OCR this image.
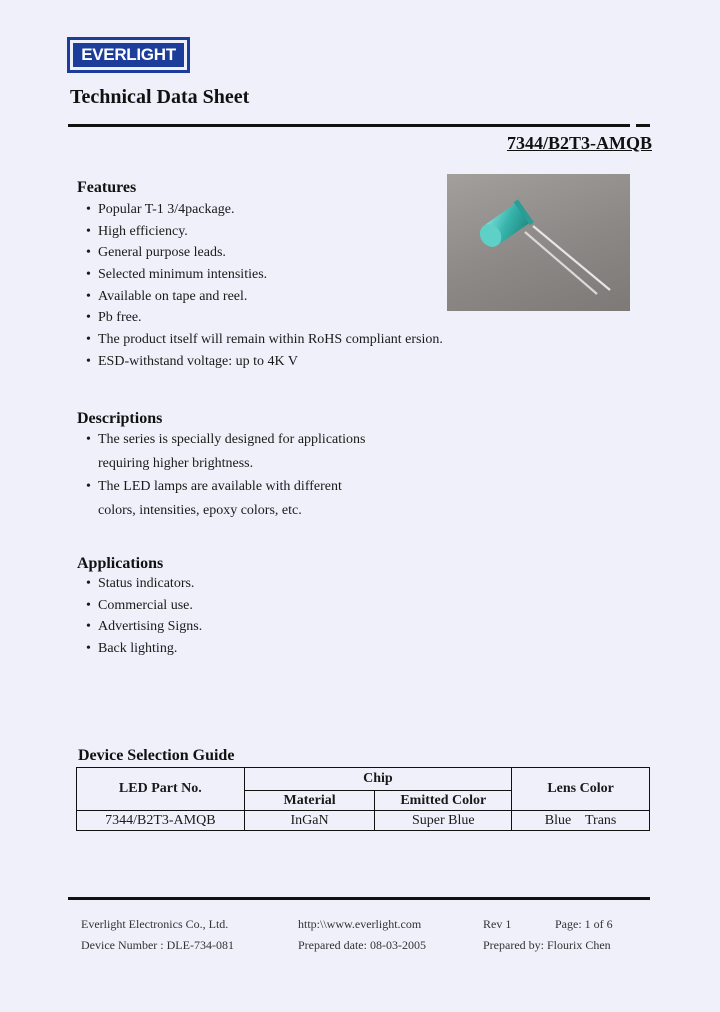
EVERLIGHT
Technical Data Sheet
7344/B2T3-AMQB
Features
• Popular T-1 3/4package.
• High efficiency.
• General purpose leads.
• Selected minimum intensities.
• Available on tape and reel.
• Pb free.
• The product itself will remain within RoHS compliant ersion.
• ESD-withstand voltage: up to 4K V
Descriptions
• The series is specially designed for applications
requiring higher brightness.
• The LED lamps are available with different
colors, intensities, epoxy colors, etc.
Applications
• Status indicators.
• Commercial use.
• Advertising Signs.
• Back lighting.
Device Selection Guide
LED Part No.	Chip		Lens Color
	Material	Emitted Color	
7344/B2T3-AMQB	InGaN	Super Blue	Blue    Trans
Everlight Electronics Co., Ltd.	http:\\www.everlight.com	Rev 1	Page: 1 of 6
Device Number : DLE-734-081	Prepared date: 08-03-2005	Prepared by: Flourix Chen
